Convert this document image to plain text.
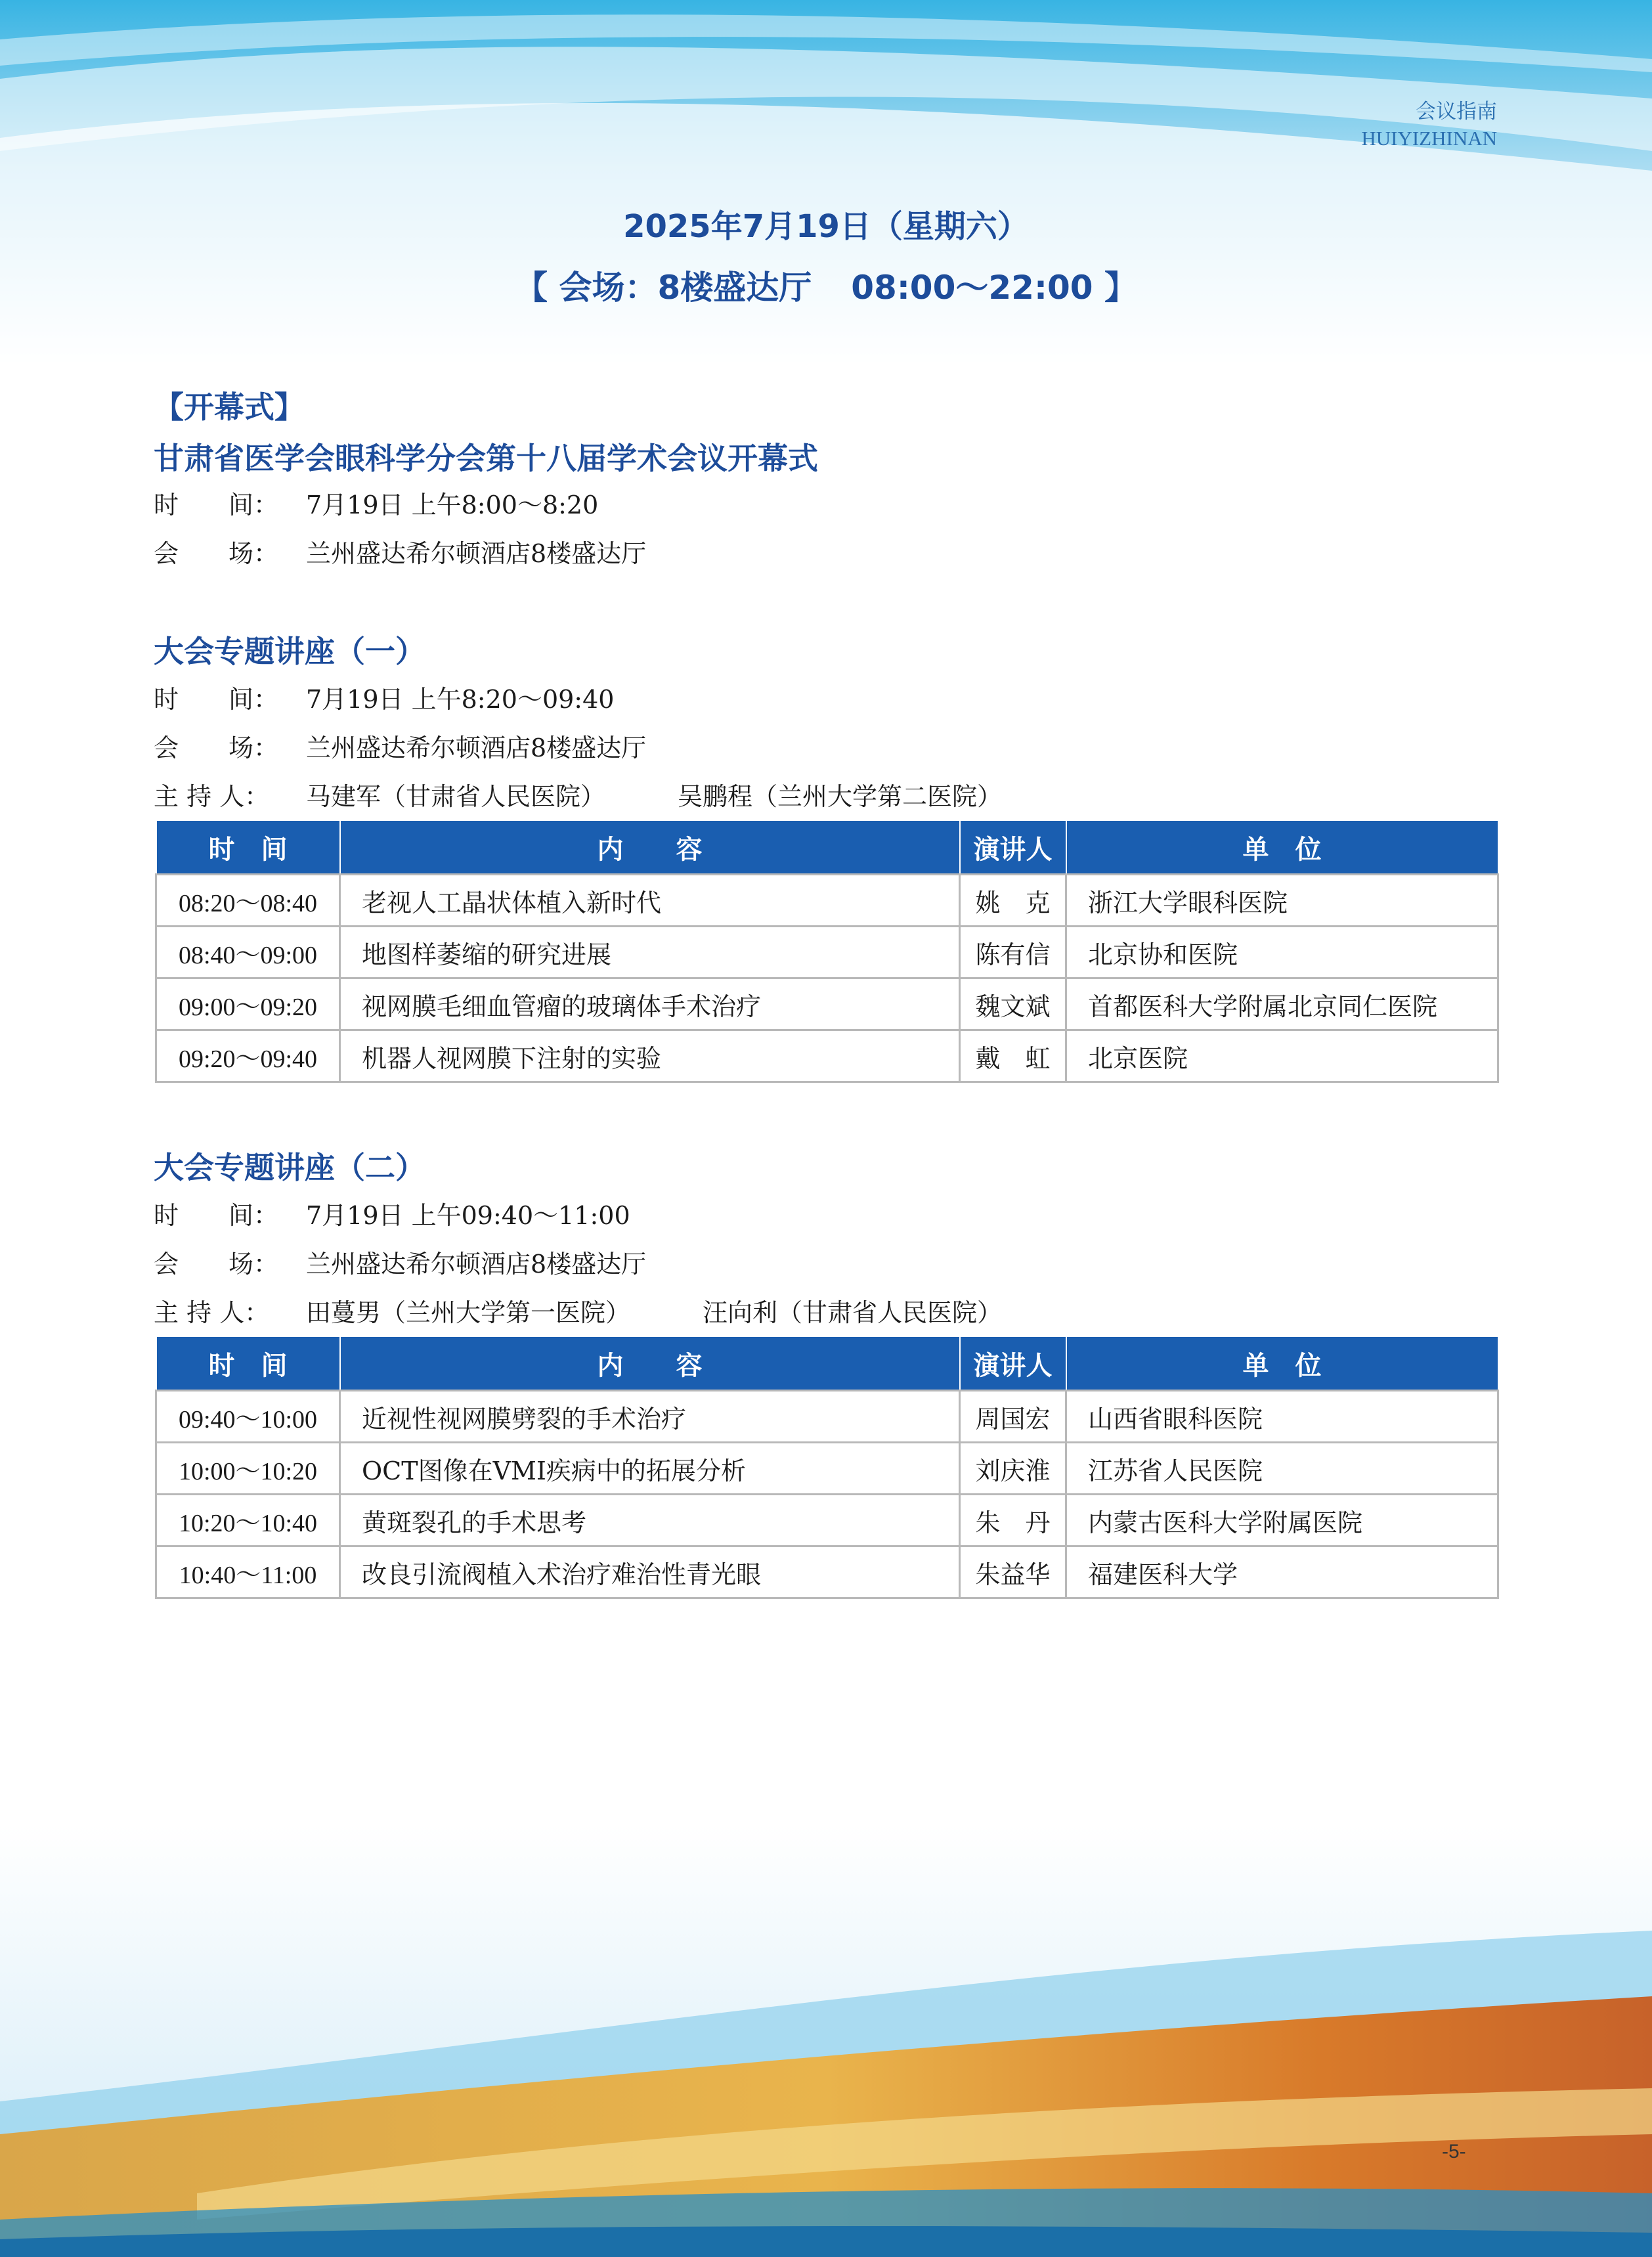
会议指南
HUIYIZHINAN
2025年7月19日（星期六）
【 会场：8楼盛达厅 08:00～22:00 】
【开幕式】
甘肃省医学会眼科学分会第十八届学术会议开幕式
时　　间： 7月19日 上午8:00～8:20
会　　场： 兰州盛达希尔顿酒店8楼盛达厅
大会专题讲座（一）
时　　间： 7月19日 上午8:20～09:40
会　　场： 兰州盛达希尔顿酒店8楼盛达厅
主 持 人： 马建军（甘肃省人民医院）	吴鹏程（兰州大学第二医院）
时　间	内　　容	演讲人	单　位
08:20～08:40	老视人工晶状体植入新时代	姚　克	浙江大学眼科医院
08:40～09:00	地图样萎缩的研究进展	陈有信	北京协和医院
09:00～09:20	视网膜毛细血管瘤的玻璃体手术治疗	魏文斌	首都医科大学附属北京同仁医院
09:20～09:40	机器人视网膜下注射的实验	戴　虹	北京医院
大会专题讲座（二）
时　　间： 7月19日 上午09:40～11:00
会　　场： 兰州盛达希尔顿酒店8楼盛达厅
主 持 人： 田蔓男（兰州大学第一医院）	汪向利（甘肃省人民医院）
时　间	内　　容	演讲人	单　位
09:40～10:00	近视性视网膜劈裂的手术治疗	周国宏	山西省眼科医院
10:00～10:20	OCT图像在VMI疾病中的拓展分析	刘庆淮	江苏省人民医院
10:20～10:40	黄斑裂孔的手术思考	朱　丹	内蒙古医科大学附属医院
10:40～11:00	改良引流阀植入术治疗难治性青光眼	朱益华	福建医科大学
-5-
